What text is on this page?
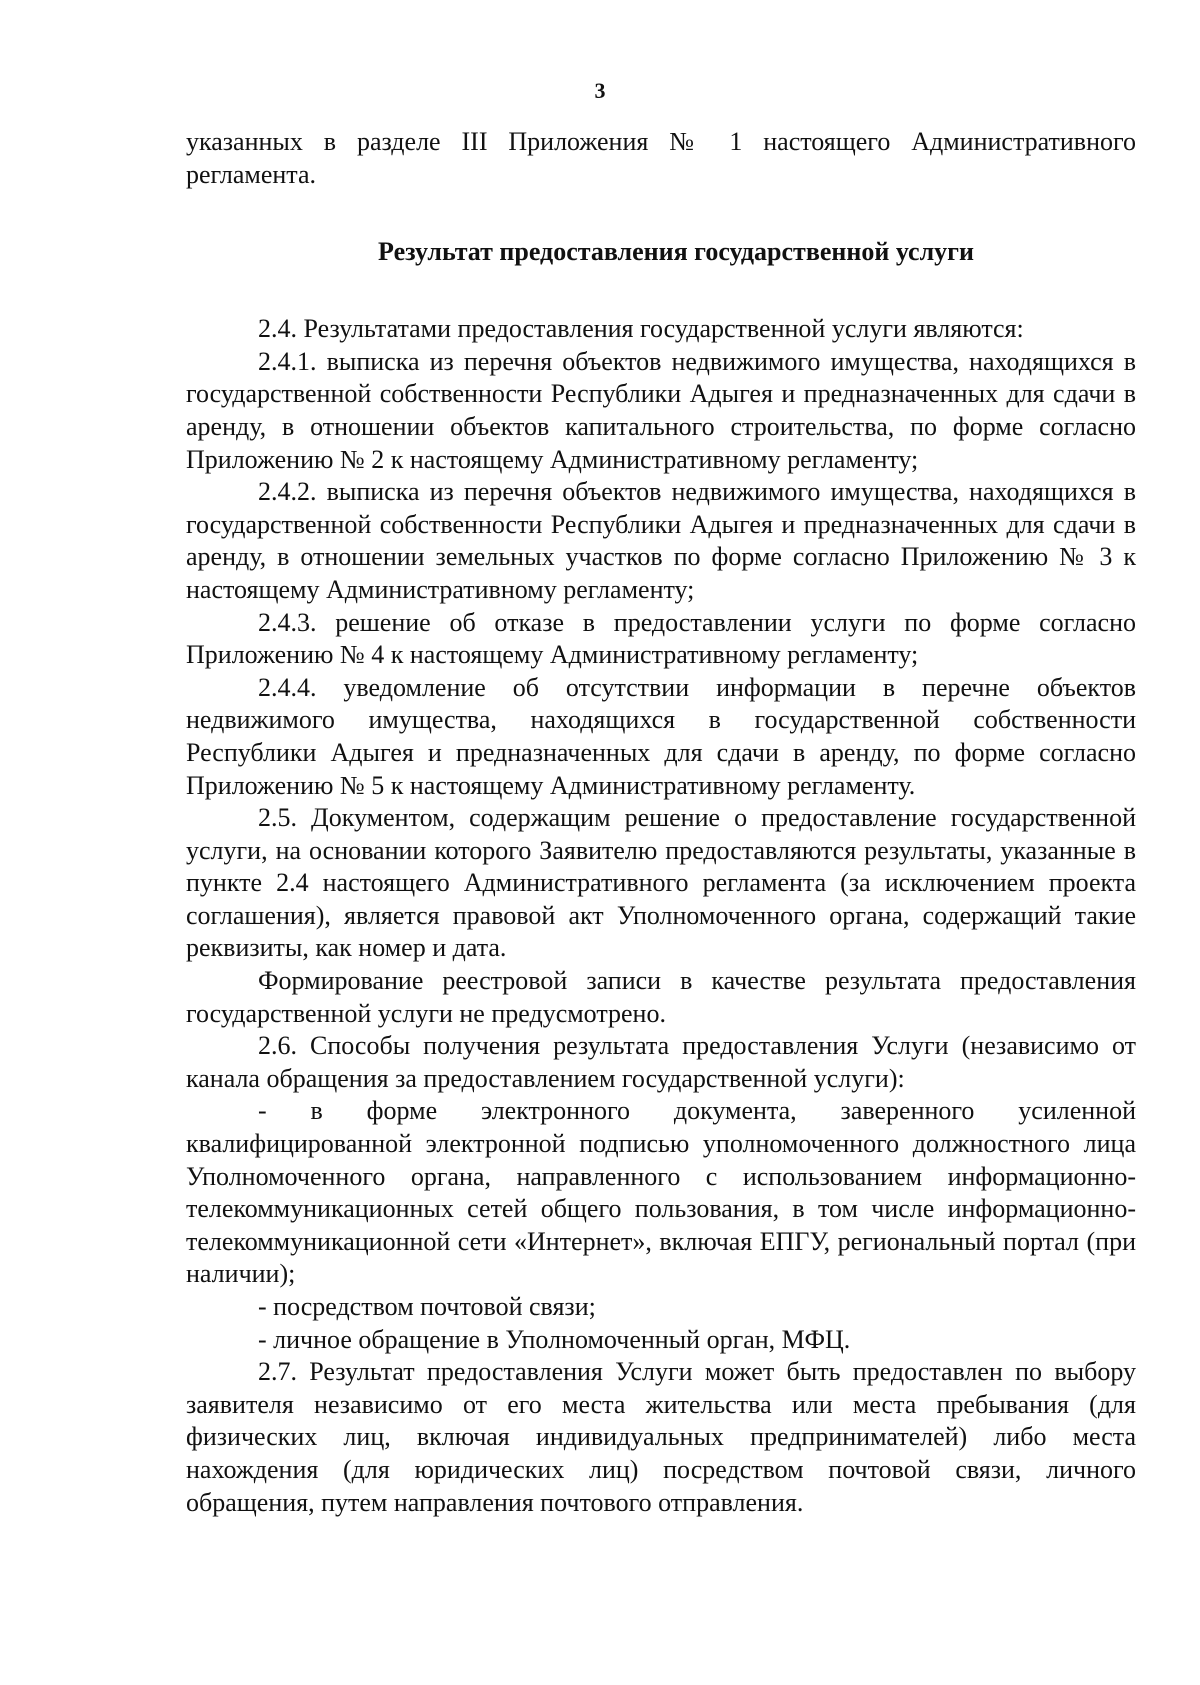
3

указанных в разделе III Приложения № 1 настоящего Административного регламента.

Результат предоставления государственной услуги

2.4. Результатами предоставления государственной услуги являются:

2.4.1. выписка из перечня объектов недвижимого имущества, находящихся в государственной собственности Республики Адыгея и предназначенных для сдачи в аренду, в отношении объектов капитального строительства, по форме согласно Приложению № 2 к настоящему Административному регламенту;

2.4.2. выписка из перечня объектов недвижимого имущества, находящихся в государственной собственности Республики Адыгея и предназначенных для сдачи в аренду, в отношении земельных участков по форме согласно Приложению № 3 к настоящему Административному регламенту;

2.4.3. решение об отказе в предоставлении услуги по форме согласно Приложению № 4 к настоящему Административному регламенту;

2.4.4. уведомление об отсутствии информации в перечне объектов недвижимого имущества, находящихся в государственной собственности Республики Адыгея и предназначенных для сдачи в аренду, по форме согласно Приложению № 5 к настоящему Административному регламенту.

2.5. Документом, содержащим решение о предоставление государственной услуги, на основании которого Заявителю предоставляются результаты, указанные в пункте 2.4 настоящего Административного регламента (за исключением проекта соглашения), является правовой акт Уполномоченного органа, содержащий такие реквизиты, как номер и дата.

Формирование реестровой записи в качестве результата предоставления государственной услуги не предусмотрено.

2.6. Способы получения результата предоставления Услуги (независимо от канала обращения за предоставлением государственной услуги):

- в форме электронного документа, заверенного усиленной квалифицированной электронной подписью уполномоченного должностного лица Уполномоченного органа, направленного с использованием информационно-телекоммуникационных сетей общего пользования, в том числе информационно-телекоммуникационной сети «Интернет», включая ЕПГУ, региональный портал (при наличии);

- посредством почтовой связи;

- личное обращение в Уполномоченный орган, МФЦ.

2.7. Результат предоставления Услуги может быть предоставлен по выбору заявителя независимо от его места жительства или места пребывания (для физических лиц, включая индивидуальных предпринимателей) либо места нахождения (для юридических лиц) посредством почтовой связи, личного обращения, путем направления почтового отправления.
